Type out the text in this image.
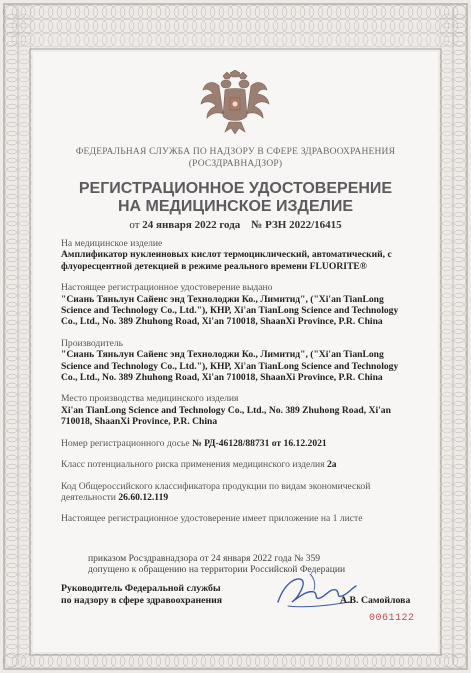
ФЕДЕРАЛЬНАЯ СЛУЖБА ПО НАДЗОРУ В СФЕРЕ ЗДРАВООХРАНЕНИЯ
(РОСЗДРАВНАДЗОР)
РЕГИСТРАЦИОННОЕ УДОСТОВЕРЕНИЕ
НА МЕДИЦИНСКОЕ ИЗДЕЛИЕ
от 24 января 2022 года № РЗН 2022/16415
На медицинское изделие
Амплификатор нуклеиновых кислот термоциклический, автоматический, с флуоресцентной детекцией в режиме реального времени FLUORITE®
Настоящее регистрационное удостоверение выдано
"Сиань Тяньлун Сайенс энд Технолоджи Ко., Лимитид", ("Xi'an TianLong Science and Technology Co., Ltd."), КНР, Xi'an TianLong Science and Technology Co., Ltd., No. 389 Zhuhong Road, Xi'an 710018, ShaanXi Province, P.R. China
Производитель
"Сиань Тяньлун Сайенс энд Технолоджи Ко., Лимитид", ("Xi'an TianLong Science and Technology Co., Ltd."), КНР, Xi'an TianLong Science and Technology Co., Ltd., No. 389 Zhuhong Road, Xi'an 710018, ShaanXi Province, P.R. China
Место производства медицинского изделия
Xi'an TianLong Science and Technology Co., Ltd., No. 389 Zhuhong Road, Xi'an 710018, ShaanXi Province, P.R. China
Номер регистрационного досье № РД-46128/88731 от 16.12.2021
Класс потенциального риска применения медицинского изделия 2а
Код Общероссийского классификатора продукции по видам экономической деятельности 26.60.12.119
Настоящее регистрационное удостоверение имеет приложение на 1 листе
приказом Росздравнадзора от 24 января 2022 года № 359
допущено к обращению на территории Российской Федерации
Руководитель Федеральной службы
по надзору в сфере здравоохранения	А.В. Самойлова
0061122
